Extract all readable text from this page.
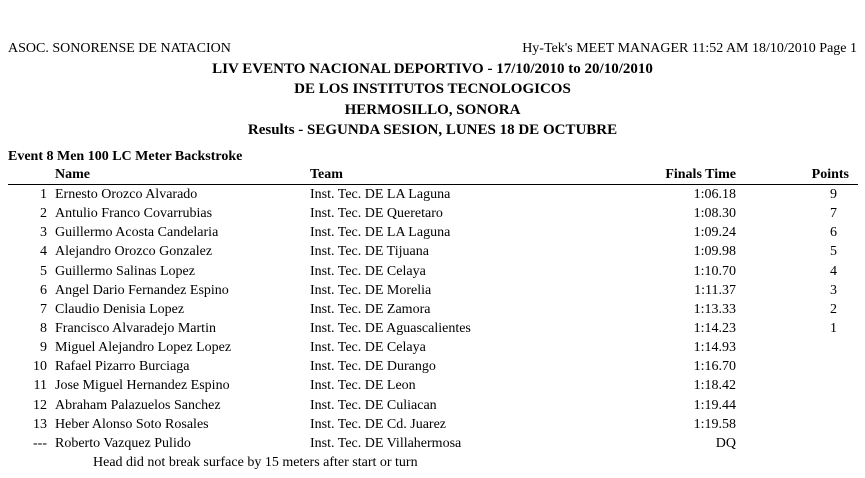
ASOC. SONORENSE DE NATACION	Hy-Tek's MEET MANAGER 11:52 AM 18/10/2010 Page 1
LIV EVENTO NACIONAL DEPORTIVO - 17/10/2010 to 20/10/2010
DE LOS INSTITUTOS TECNOLOGICOS
HERMOSILLO, SONORA
Results - SEGUNDA SESION, LUNES 18 DE OCTUBRE
Event 8 Men 100 LC Meter Backstroke
Name	Team	Finals Time	Points
1 Ernesto Orozco Alvarado	Inst. Tec. DE LA Laguna	1:06.18	9
2 Antulio Franco Covarrubias	Inst. Tec. DE Queretaro	1:08.30	7
3 Guillermo Acosta Candelaria	Inst. Tec. DE LA Laguna	1:09.24	6
4 Alejandro Orozco Gonzalez	Inst. Tec. DE Tijuana	1:09.98	5
5 Guillermo Salinas Lopez	Inst. Tec. DE Celaya	1:10.70	4
6 Angel Dario Fernandez Espino	Inst. Tec. DE Morelia	1:11.37	3
7 Claudio Denisia Lopez	Inst. Tec. DE Zamora	1:13.33	2
8 Francisco Alvaradejo Martin	Inst. Tec. DE Aguascalientes	1:14.23	1
9 Miguel Alejandro Lopez Lopez	Inst. Tec. DE Celaya	1:14.93
10 Rafael Pizarro Burciaga	Inst. Tec. DE Durango	1:16.70
11 Jose Miguel Hernandez Espino	Inst. Tec. DE Leon	1:18.42
12 Abraham Palazuelos Sanchez	Inst. Tec. DE Culiacan	1:19.44
13 Heber Alonso Soto Rosales	Inst. Tec. DE Cd. Juarez	1:19.58
--- Roberto Vazquez Pulido	Inst. Tec. DE Villahermosa	DQ
Head did not break surface by 15 meters after start or turn
